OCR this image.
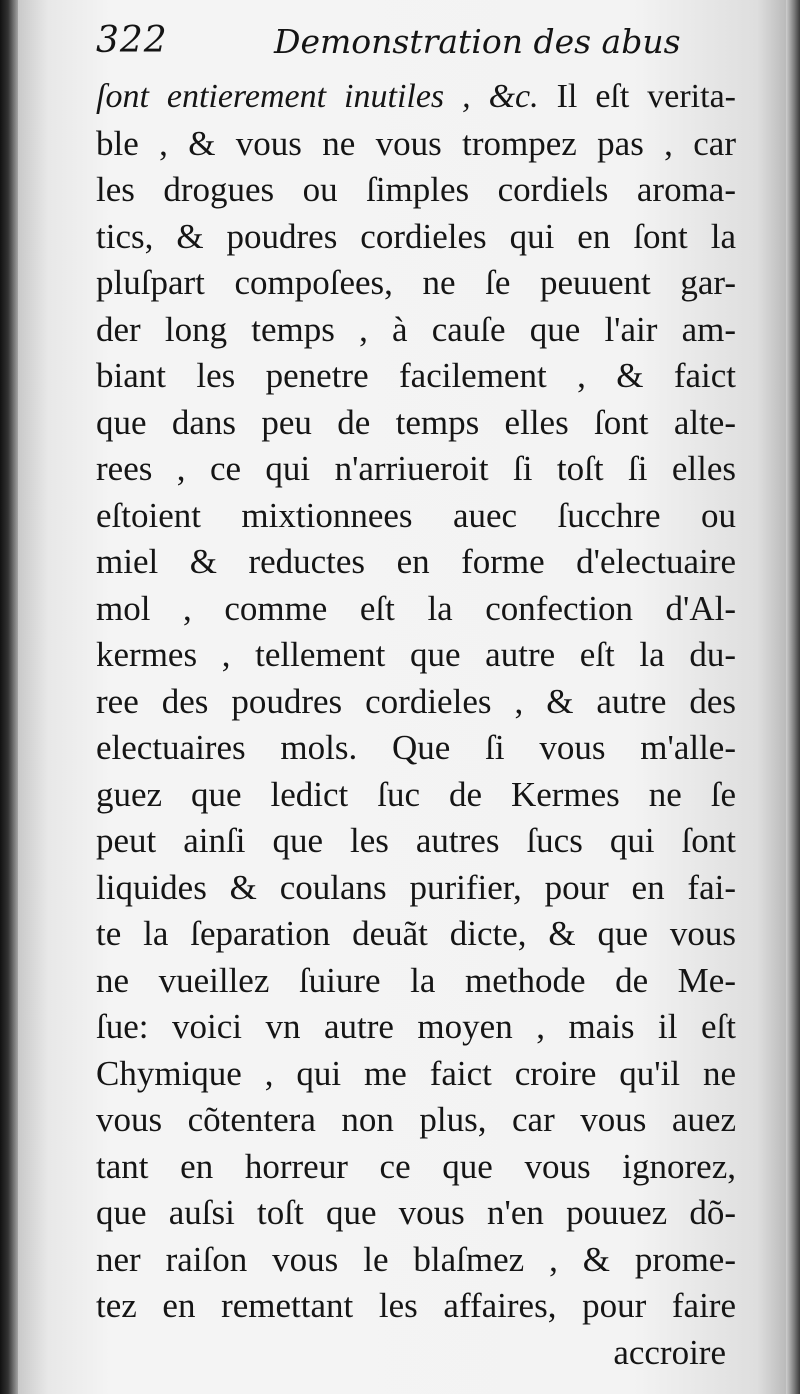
322	Demonstration des abus
ſont entierement inutiles , &c. Il eſt verita-
ble , & vous ne vous trompez pas , car
les drogues ou ſimples cordiels aroma-
tics, & poudres cordieles qui en ſont la
pluſpart compoſees, ne ſe peuuent gar-
der long temps , à cauſe que l'air am-
biant les penetre facilement , & faict
que dans peu de temps elles ſont alte-
rees , ce qui n'arriueroit ſi toſt ſi elles
eſtoient mixtionnees auec ſucchre ou
miel & reductes en forme d'electuaire
mol , comme eſt la confection d'Al-
kermes , tellement que autre eſt la du-
ree des poudres cordieles , & autre des
electuaires mols. Que ſi vous m'alle-
guez que ledict ſuc de Kermes ne ſe
peut ainſi que les autres ſucs qui ſont
liquides & coulans purifier, pour en fai-
te la ſeparation deuãt dicte, & que vous
ne vueillez ſuiure la methode de Me-
ſue: voici vn autre moyen , mais il eſt
Chymique , qui me faict croire qu'il ne
vous cõtentera non plus, car vous auez
tant en horreur ce que vous ignorez,
que auſsi toſt que vous n'en pouuez dõ-
ner raiſon vous le blaſmez , & prome-
tez en remettant les affaires, pour faire
accroire
